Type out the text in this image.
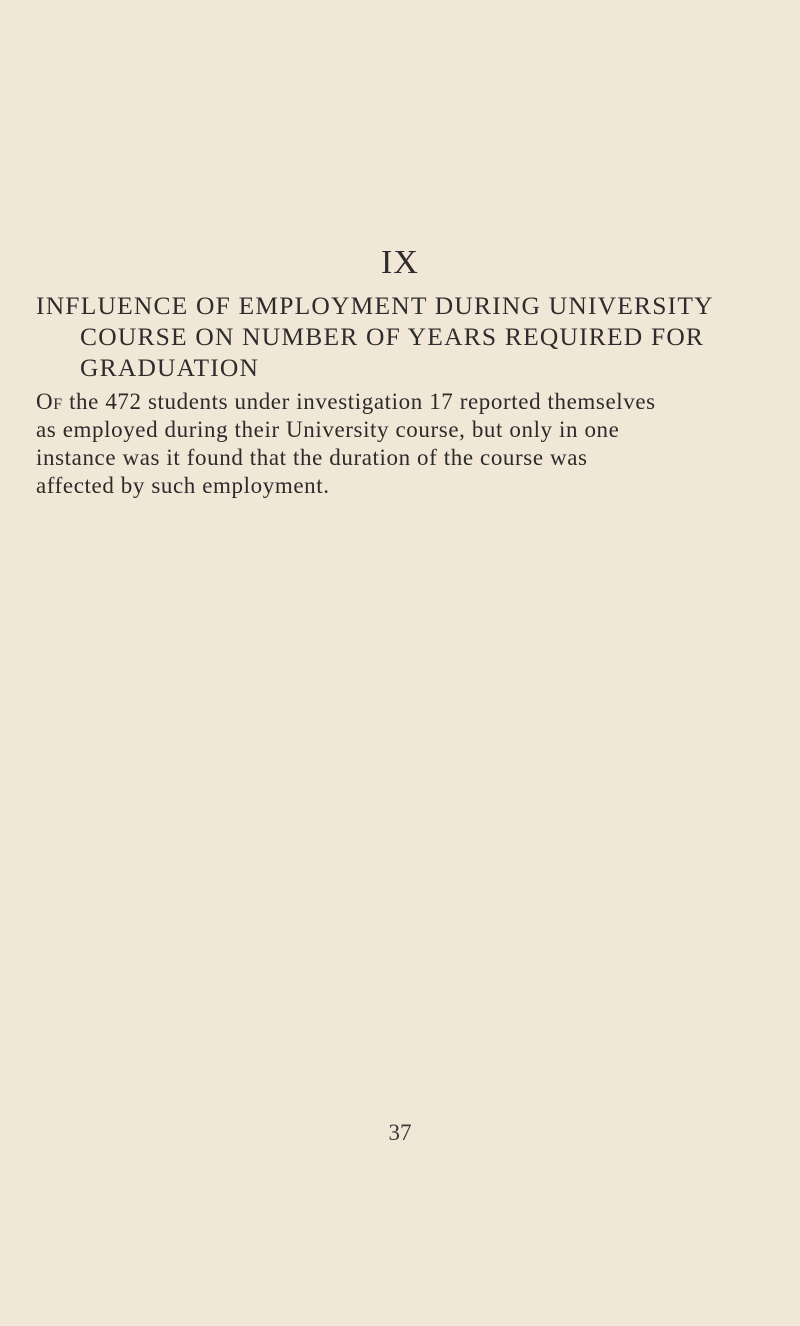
IX
INFLUENCE OF EMPLOYMENT DURING UNIVERSITY
COURSE ON NUMBER OF YEARS REQUIRED FOR
GRADUATION

Of the 472 students under investigation 17 reported themselves
as employed during their University course, but only in one
instance was it found that the duration of the course was
affected by such employment.

37
